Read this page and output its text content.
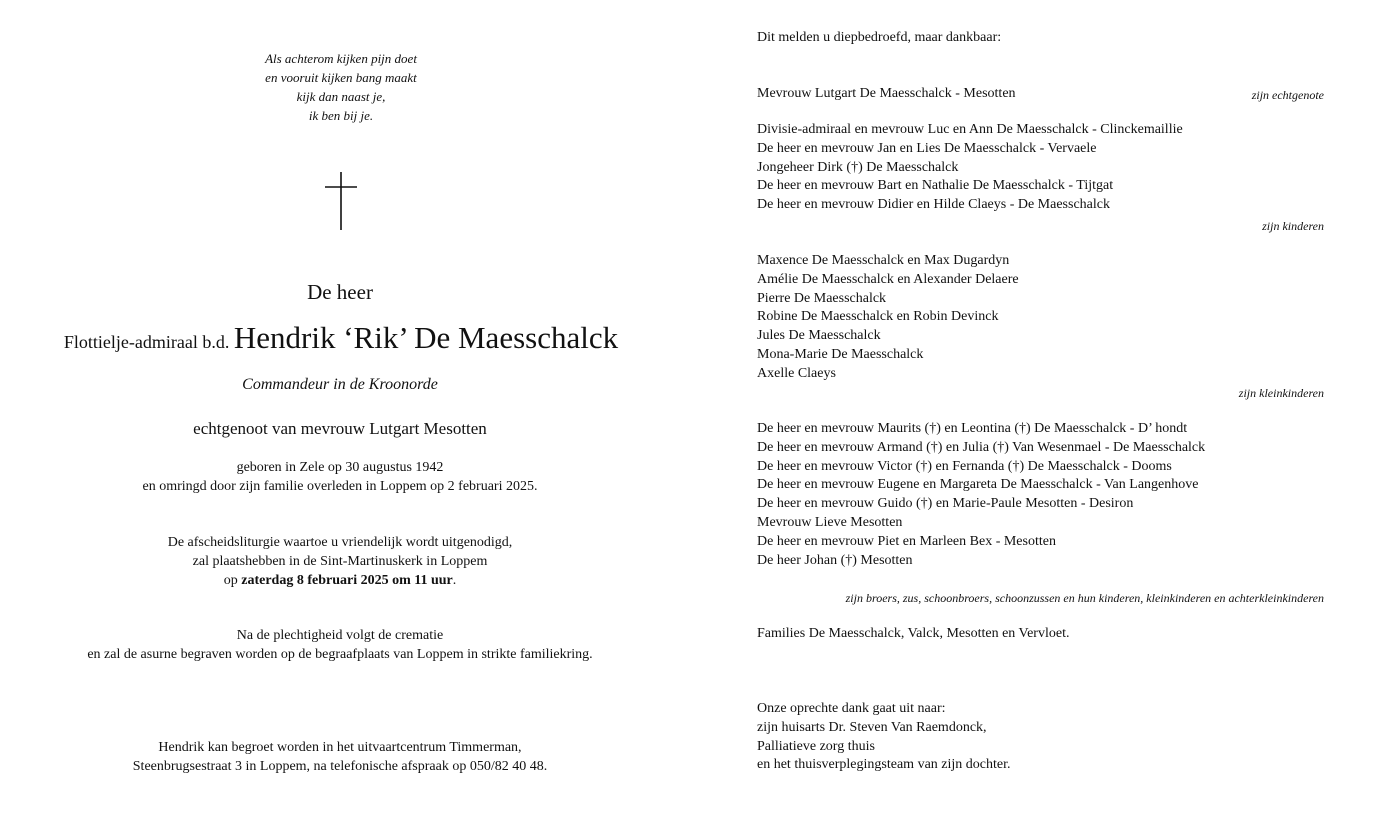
Als achterom kijken pijn doet
en vooruit kijken bang maakt
kijk dan naast je,
ik ben bij je.
De heer
Flottielje-admiraal b.d. Hendrik ‘Rik’ De Maesschalck
Commandeur in de Kroonorde
echtgenoot van mevrouw Lutgart Mesotten
geboren in Zele op 30 augustus 1942
en omringd door zijn familie overleden in Loppem op 2 februari 2025.
De afscheidsliturgie waartoe u vriendelijk wordt uitgenodigd,
zal plaatshebben in de Sint-Martinuskerk in Loppem
op zaterdag 8 februari 2025 om 11 uur.
Na de plechtigheid volgt de crematie
en zal de asurne begraven worden op de begraafplaats van Loppem in strikte familiekring.
Hendrik kan begroet worden in het uitvaartcentrum Timmerman,
Steenbrugsestraat 3 in Loppem, na telefonische afspraak op 050/82 40 48.
Dit melden u diepbedroefd, maar dankbaar:
Mevrouw Lutgart De Maesschalck - Mesotten	zijn echtgenote
Divisie-admiraal en mevrouw Luc en Ann De Maesschalck - Clinckemaillie
De heer en mevrouw Jan en Lies De Maesschalck - Vervaele
Jongeheer Dirk (†) De Maesschalck
De heer en mevrouw Bart en Nathalie De Maesschalck - Tijtgat
De heer en mevrouw Didier en Hilde Claeys - De Maesschalck
zijn kinderen
Maxence De Maesschalck en Max Dugardyn
Amélie De Maesschalck en Alexander Delaere
Pierre De Maesschalck
Robine De Maesschalck en Robin Devinck
Jules De Maesschalck
Mona-Marie De Maesschalck
Axelle Claeys
zijn kleinkinderen
De heer en mevrouw Maurits (†) en Leontina (†) De Maesschalck - D’ hondt
De heer en mevrouw Armand (†) en Julia (†) Van Wesenmael - De Maesschalck
De heer en mevrouw Victor (†) en Fernanda (†) De Maesschalck - Dooms
De heer en mevrouw Eugene en Margareta De Maesschalck - Van Langenhove
De heer en mevrouw Guido (†) en Marie-Paule Mesotten - Desiron
Mevrouw Lieve Mesotten
De heer en mevrouw Piet en Marleen Bex - Mesotten
De heer Johan (†) Mesotten
zijn broers, zus, schoonbroers, schoonzussen en hun kinderen, kleinkinderen en achterkleinkinderen
Families De Maesschalck, Valck, Mesotten en Vervloet.
Onze oprechte dank gaat uit naar:
zijn huisarts Dr. Steven Van Raemdonck,
Palliatieve zorg thuis
en het thuisverplegingsteam van zijn dochter.
